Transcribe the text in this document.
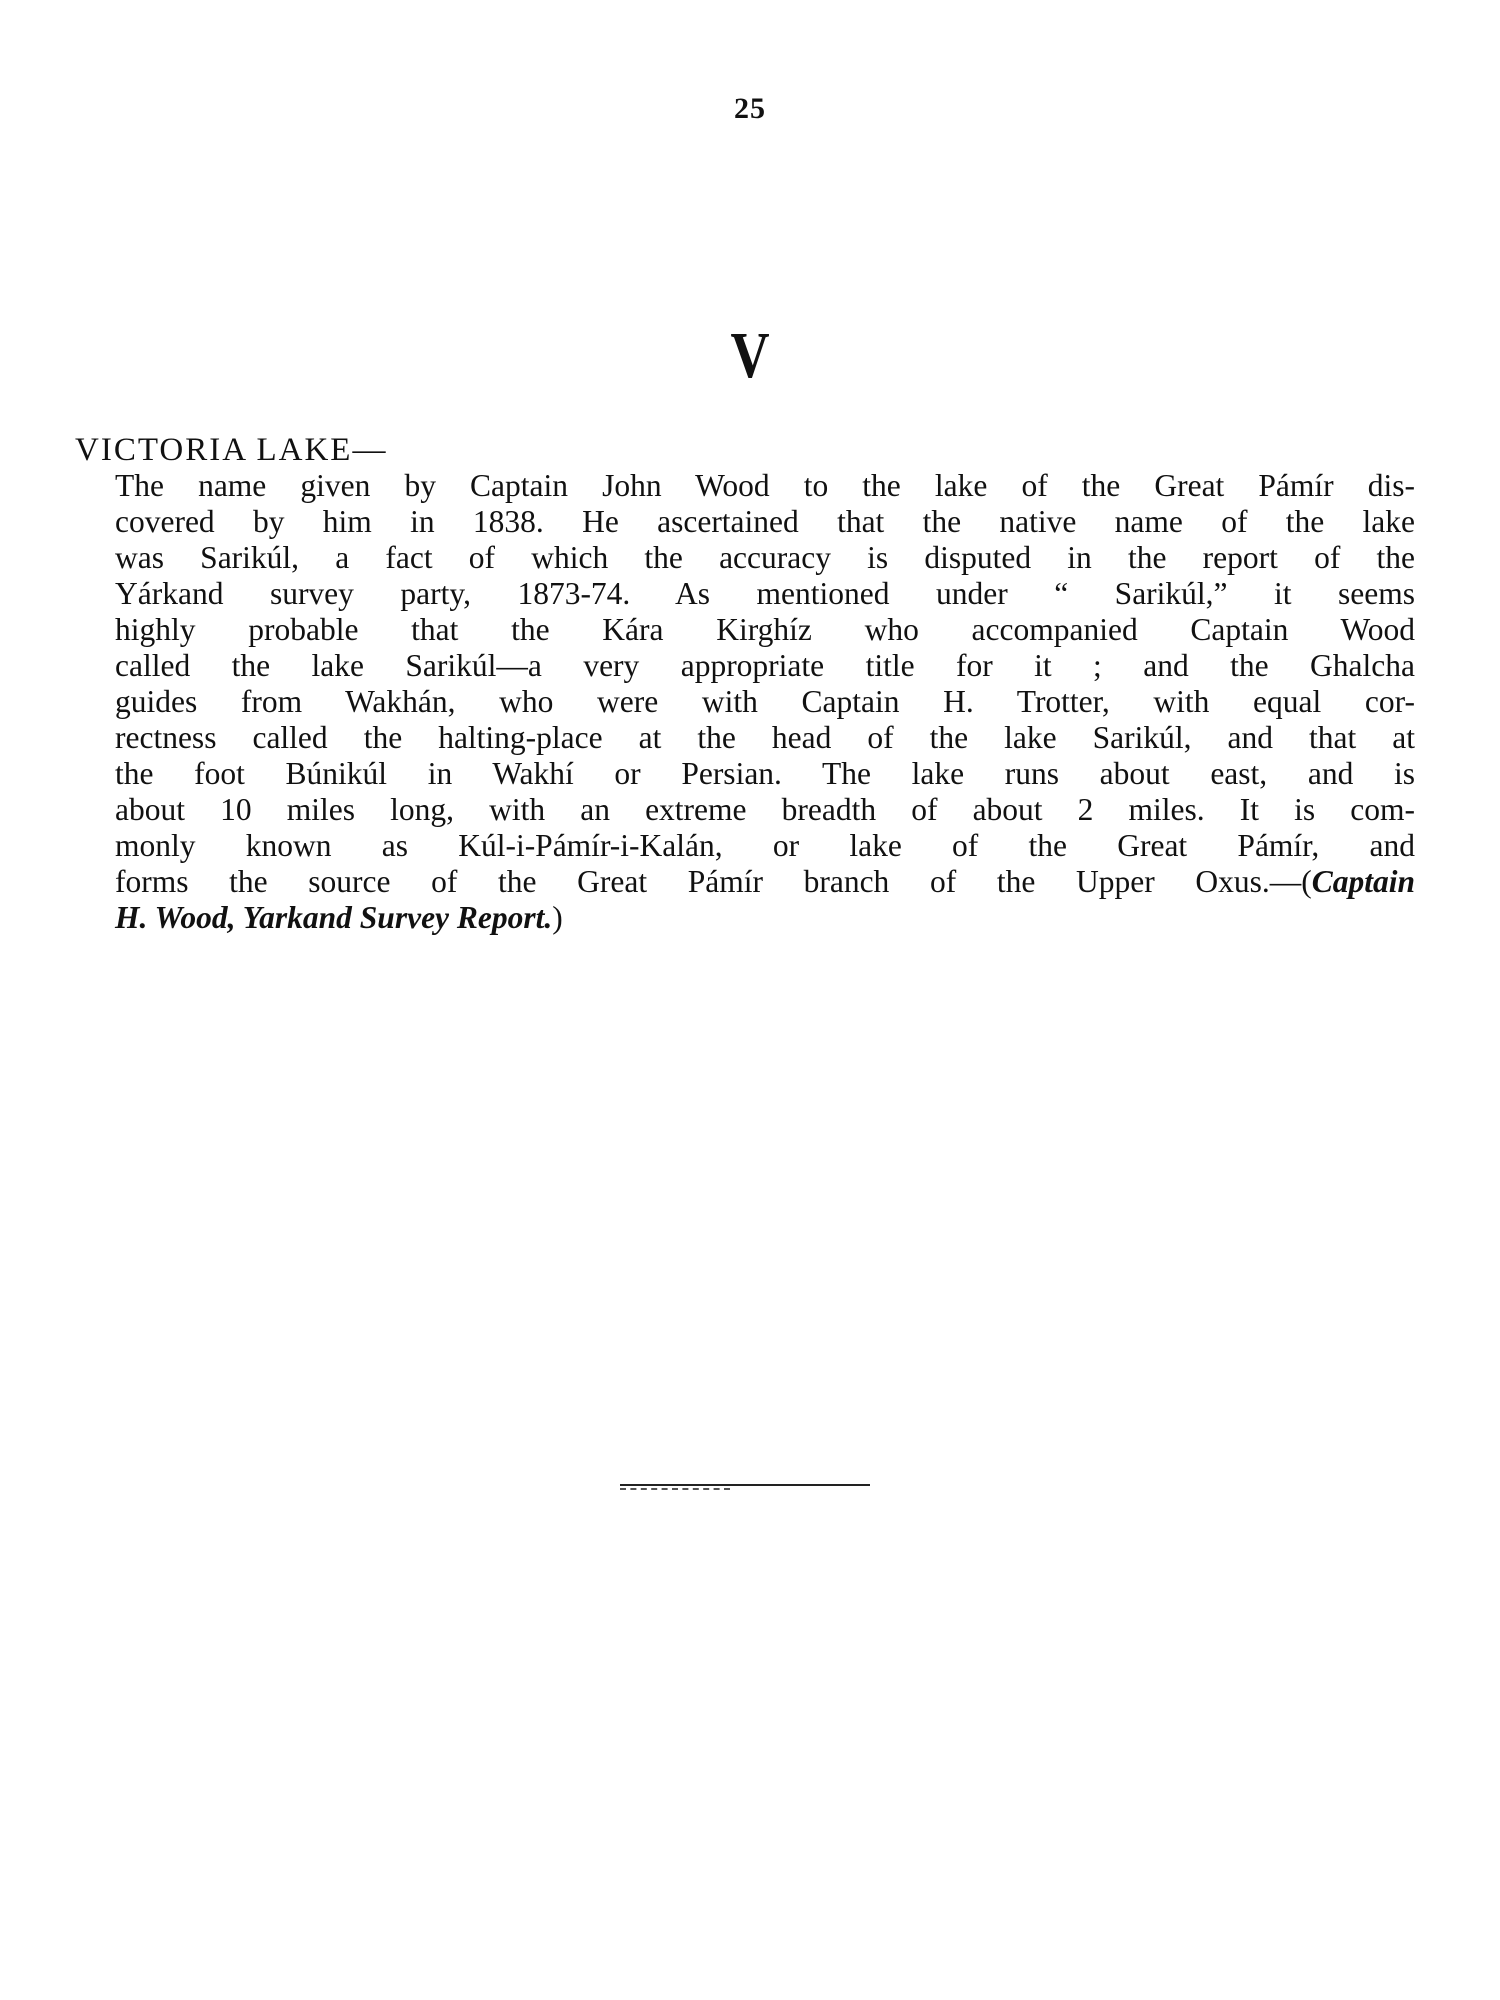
25
V
VICTORIA LAKE—
The name given by Captain John Wood to the lake of the Great Pámír dis-
covered by him in 1838. He ascertained that the native name of the lake
was Sarikúl, a fact of which the accuracy is disputed in the report of the
Yárkand survey party, 1873-74. As mentioned under “ Sarikúl,” it seems
highly probable that the Kára Kirghíz who accompanied Captain Wood
called the lake Sarikúl—a very appropriate title for it ; and the Ghalcha
guides from Wakhán, who were with Captain H. Trotter, with equal cor-
rectness called the halting-place at the head of the lake Sarikúl, and that at
the foot Búnikúl in Wakhí or Persian. The lake runs about east, and is
about 10 miles long, with an extreme breadth of about 2 miles. It is com-
monly known as Kúl-i-Pámír-i-Kalán, or lake of the Great Pámír, and
forms the source of the Great Pámír branch of the Upper Oxus.—(Captain
H. Wood, Yarkand Survey Report.)
